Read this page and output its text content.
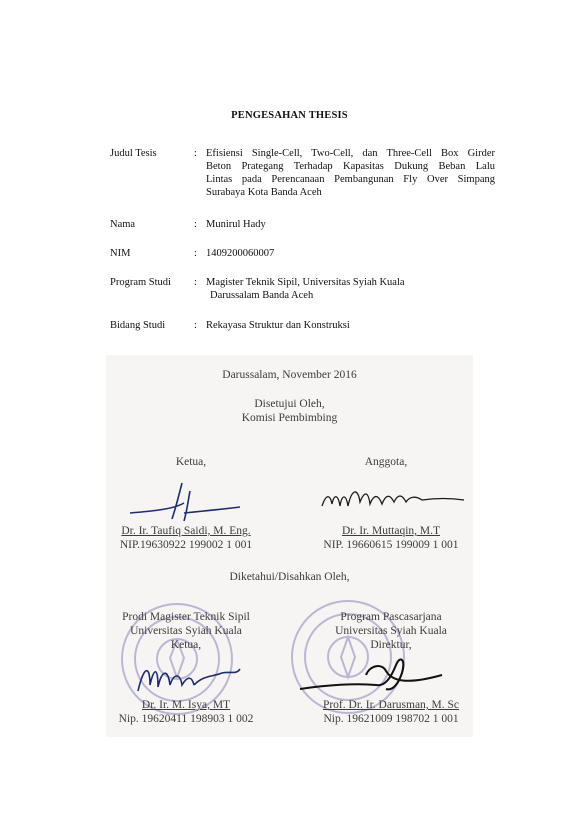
PENGESAHAN THESIS
Judul Tesis	: Efisiensi Single-Cell, Two-Cell, dan Three-Cell Box Girder
Beton Prategang Terhadap Kapasitas Dukung Beban Lalu
Lintas pada Perencanaan Pembangunan Fly Over Simpang
Surabaya Kota Banda Aceh
Nama	: Munirul Hady
NIM	: 1409200060007
Program Studi	: Magister Teknik Sipil, Universitas Syiah Kuala
Darussalam Banda Aceh
Bidang Studi	: Rekayasa Struktur dan Konstruksi
Darussalam, November 2016
Disetujui Oleh,
Komisi Pembimbing
Ketua,	Anggota,
Dr. Ir. Taufiq Saidi, M. Eng.
NIP.19630922 199002 1 001
Dr. Ir. Muttaqin, M.T
NIP. 19660615 199009 1 001
Diketahui/Disahkan Oleh,
Prodi Magister Teknik Sipil
Universitas Syiah Kuala
Ketua,
Program Pascasarjana
Universitas Syiah Kuala
Direktur,
Dr. Ir. M. Isya, MT
Nip. 19620411 198903 1 002
Prof. Dr. Ir. Darusman, M. Sc
Nip. 19621009 198702 1 001
